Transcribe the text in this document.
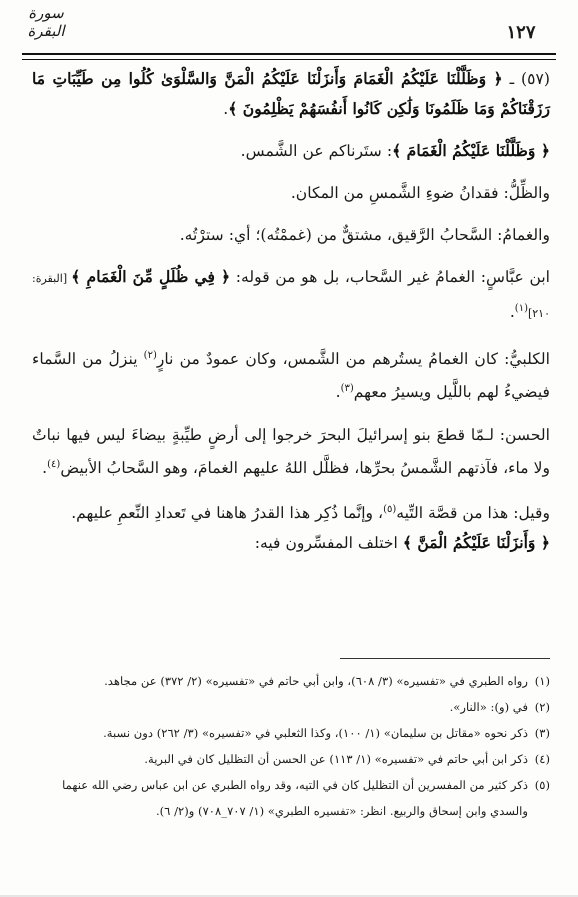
سورة البقرة	١٢٧

(٥٧) ـ ﴿ وَظَلَّلْنَا عَلَيْكُمُ الْغَمَامَ وَأَنزَلْنَا عَلَيْكُمُ الْمَنَّ وَالسَّلْوَىٰ كُلُوا مِن طَيِّبَاتِ مَا رَزَقْنَاكُمْ وَمَا ظَلَمُونَا وَلَٰكِن كَانُوا أَنفُسَهُمْ يَظْلِمُونَ ﴾.

﴿ وَظَلَّلْنَا عَلَيْكُمُ الْغَمَامَ ﴾: ستَرناكم عن الشَّمس.

والظِّلُّ: فقدانُ ضوءِ الشَّمسِ من المكان.

والغمامُ: السَّحابُ الرَّقيق، مشتقٌّ من (غممْتُه)؛ أي: سترْتُه.

ابن عبَّاسٍ: الغمامُ غير السَّحاب، بل هو من قوله: ﴿ فِي ظُلَلٍ مِّنَ الْغَمَامِ ﴾ [البقرة: ٢١٠]$^{(١)}$.

الكلبيُّ: كان الغمامُ يستُرهم من الشَّمس، وكان عمودٌ من نارٍ$^{(٢)}$ ينزلُ من السَّماء فيضيءُ لهم باللَّيل ويسيرُ معهم$^{(٣)}$.

الحسن: لـمّا قطعَ بنو إسرائيلَ البحرَ خرجوا إلى أرضٍ طيِّبةٍ بيضاءَ ليس فيها نباتٌ ولا ماء، فآذتهم الشَّمسُ بحرِّها، فظلَّل اللهُ عليهم الغمامَ، وهو السَّحابُ الأبيض$^{(٤)}$.

وقيل: هذا من قصَّة التِّيه$^{(٥)}$، وإنَّما ذُكِر هذا القدرُ هاهنا في تَعدادِ النِّعمِ عليهم.

﴿ وَأَنزَلْنَا عَلَيْكُمُ الْمَنَّ ﴾ اختلف المفسِّرون فيه:

(١)رواه الطبري في «تفسيره» (٣/ ٦٠٨)، وابن أبي حاتم في «تفسيره» (٢/ ٣٧٢) عن مجاهد.

(٢)في (و): «النار».

(٣)ذكر نحوه «مقاتل بن سليمان» (١/ ١٠٠)، وكذا الثعلبي في «تفسيره» (٣/ ٢٦٢) دون نسبة.

(٤)ذكر ابن أبي حاتم في «تفسيره» (١/ ١١٣) عن الحسن أن التظليل كان في البرية.

(٥)ذكر كثير من المفسرين أن التظليل كان في التيه، وقد رواه الطبري عن ابن عباس رضي الله عنهما

والسدي وابن إسحاق والربيع. انظر: «تفسيره الطبري» (١/ ٧٠٧_٧٠٨) و(٢/ ٦).
